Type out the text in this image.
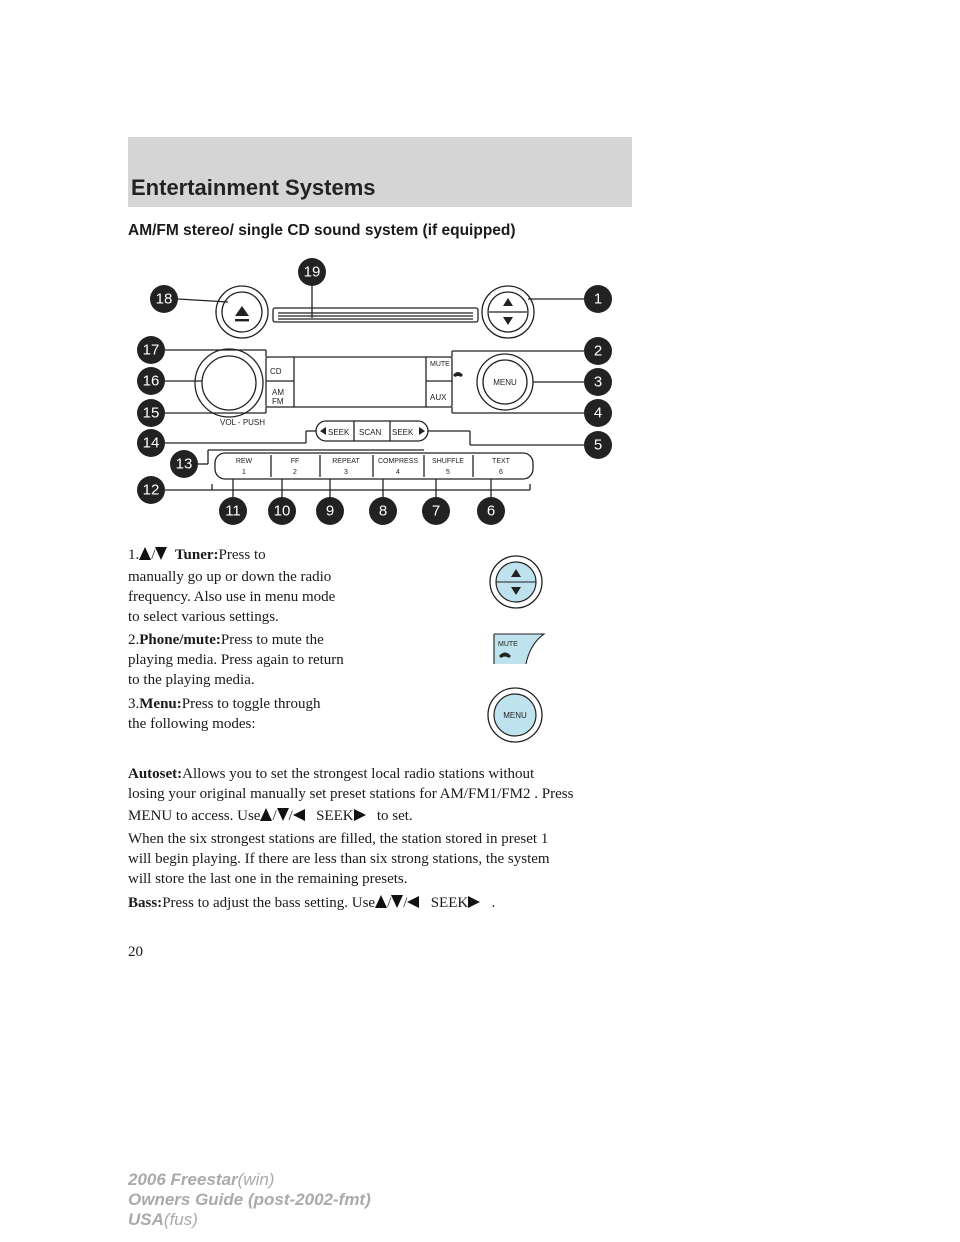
Entertainment Systems
AM/FM stereo/ single CD sound system (if equipped)
19
18	1
17	2
16	3
15	4
14	5
13
12
11 10 9	8	7	6
CD
AM
FM
MUTE
AUX
MENU
VOL - PUSH
SEEK SCAN SEEK
REW
1
FF
2
REPEAT
3
COMPRESS
4
SHUFFLE
5
TEXT
6

1. / Tuner:Press to

manually go up or down the radio

frequency. Also use in menu mode

to select various settings.

2.Phone/mute:Press to mute the

playing media. Press again to return

to the playing media.

3.Menu:Press to toggle through

the following modes:

MUTE
MENU

Autoset:Allows you to set the strongest local radio stations without

losing your original manually set preset stations for AM/FM1/FM2 . Press

MENU to access. Use / / SEEK to set.

When the six strongest stations are filled, the station stored in preset 1

will begin playing. If there are less than six strong stations, the system

will store the last one in the remaining presets.

Bass:Press to adjust the bass setting. Use / / SEEK .

20
2006 Freestar(win)
Owners Guide (post-2002-fmt)
USA(fus)
